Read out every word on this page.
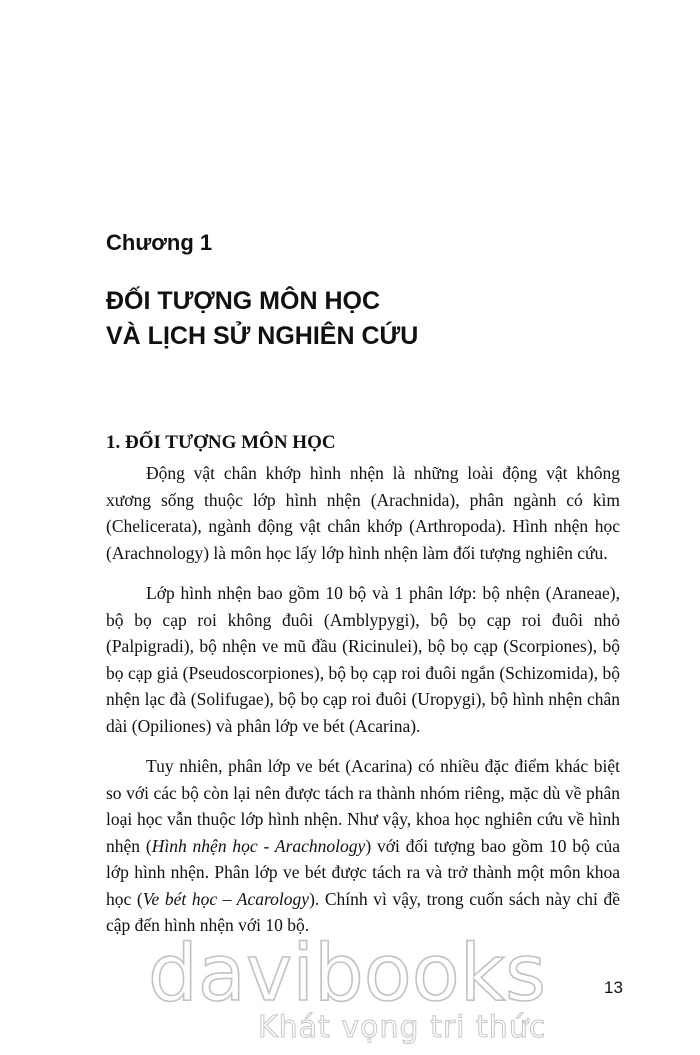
Chương 1
ĐỐI TƯỢNG MÔN HỌC
VÀ LỊCH SỬ NGHIÊN CỨU
1. ĐỐI TƯỢNG MÔN HỌC

Động vật chân khớp hình nhện là những loài động vật không xương sống thuộc lớp hình nhện (Arachnida), phân ngành có kìm (Chelicerata), ngành động vật chân khớp (Arthropoda). Hình nhện học (Arachnology) là môn học lấy lớp hình nhện làm đối tượng nghiên cứu.

Lớp hình nhện bao gồm 10 bộ và 1 phân lớp: bộ nhện (Araneae), bộ bọ cạp roi không đuôi (Amblypygi), bộ bọ cạp roi đuôi nhỏ (Palpigradi), bộ nhện ve mũ đầu (Ricinulei), bộ bọ cạp (Scorpiones), bộ bọ cạp giả (Pseudoscorpiones), bộ bọ cạp roi đuôi ngắn (Schizomida), bộ nhện lạc đà (Solifugae), bộ bọ cạp roi đuôi (Uropygi), bộ hình nhện chân dài (Opiliones) và phân lớp ve bét (Acarina).

Tuy nhiên, phân lớp ve bét (Acarina) có nhiều đặc điểm khác biệt so với các bộ còn lại nên được tách ra thành nhóm riêng, mặc dù về phân loại học vẫn thuộc lớp hình nhện. Như vậy, khoa học nghiên cứu về hình nhện (Hình nhện học - Arachnology) với đối tượng bao gồm 10 bộ của lớp hình nhện. Phân lớp ve bét được tách ra và trở thành một môn khoa học (Ve bét học – Acarology). Chính vì vậy, trong cuốn sách này chỉ đề cập đến hình nhện với 10 bộ.

13
davibooks
Khát vọng tri thức
